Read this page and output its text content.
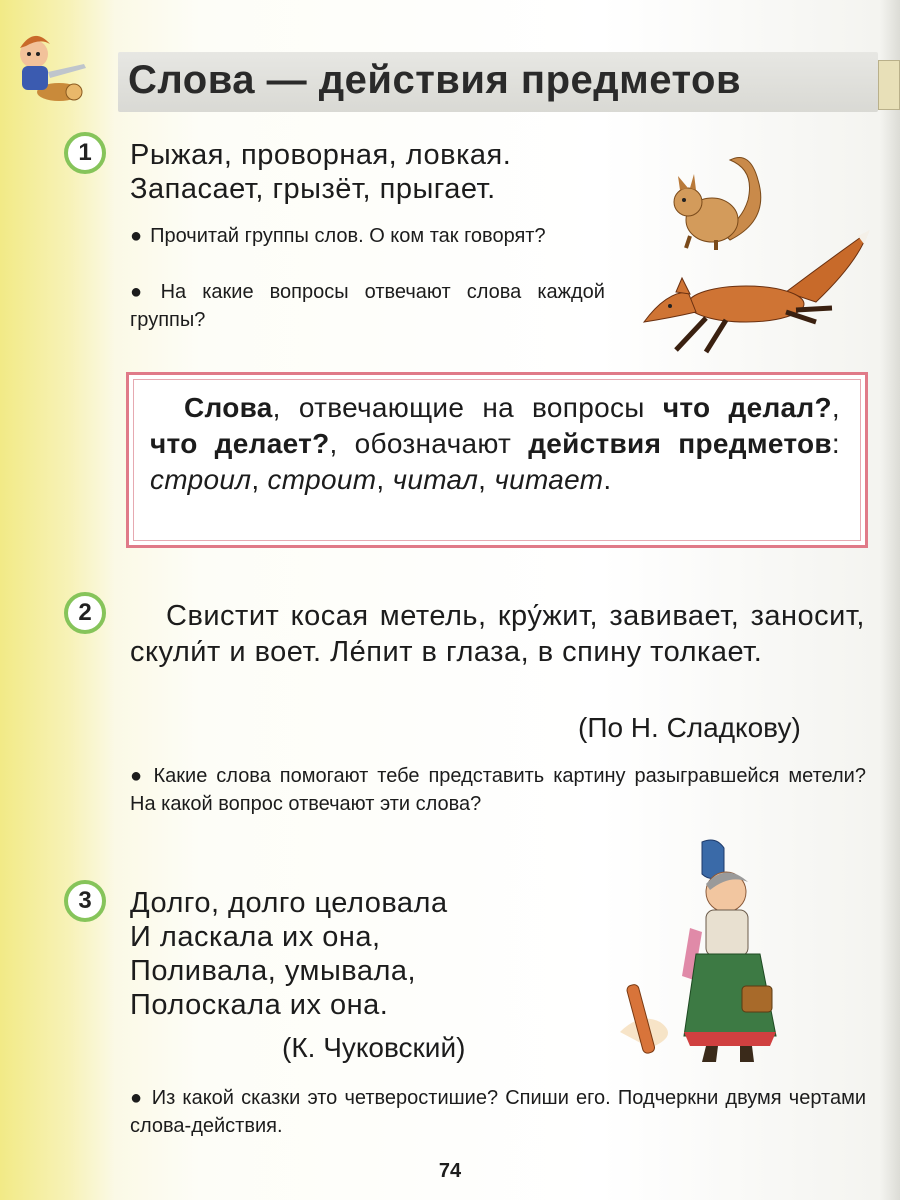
Слова — действия предметов
1	Рыжая, проворная, ловкая.
Запасает, грызёт, прыгает.
● Прочитай группы слов. О ком так говорят?
● На какие вопросы отвечают слова каждой группы?
Слова, отвечающие на вопросы что делал?, что делает?, обозначают действия предметов: строил, строит, читал, читает.
2	Свистит косая метель, кру́жит, завивает, заносит, скули́т и воет. Ле́пит в глаза, в спину толкает.
(По Н. Сладкову)
● Какие слова помогают тебе представить картину разыгравшейся метели? На какой вопрос отвечают эти слова?
3	Долго, долго целовала
И ласкала их она,
Поливала, умывала,
Полоскала их она.
(К. Чуковский)
● Из какой сказки это четверостишие? Спиши его. Подчеркни двумя чертами слова-действия.
74
